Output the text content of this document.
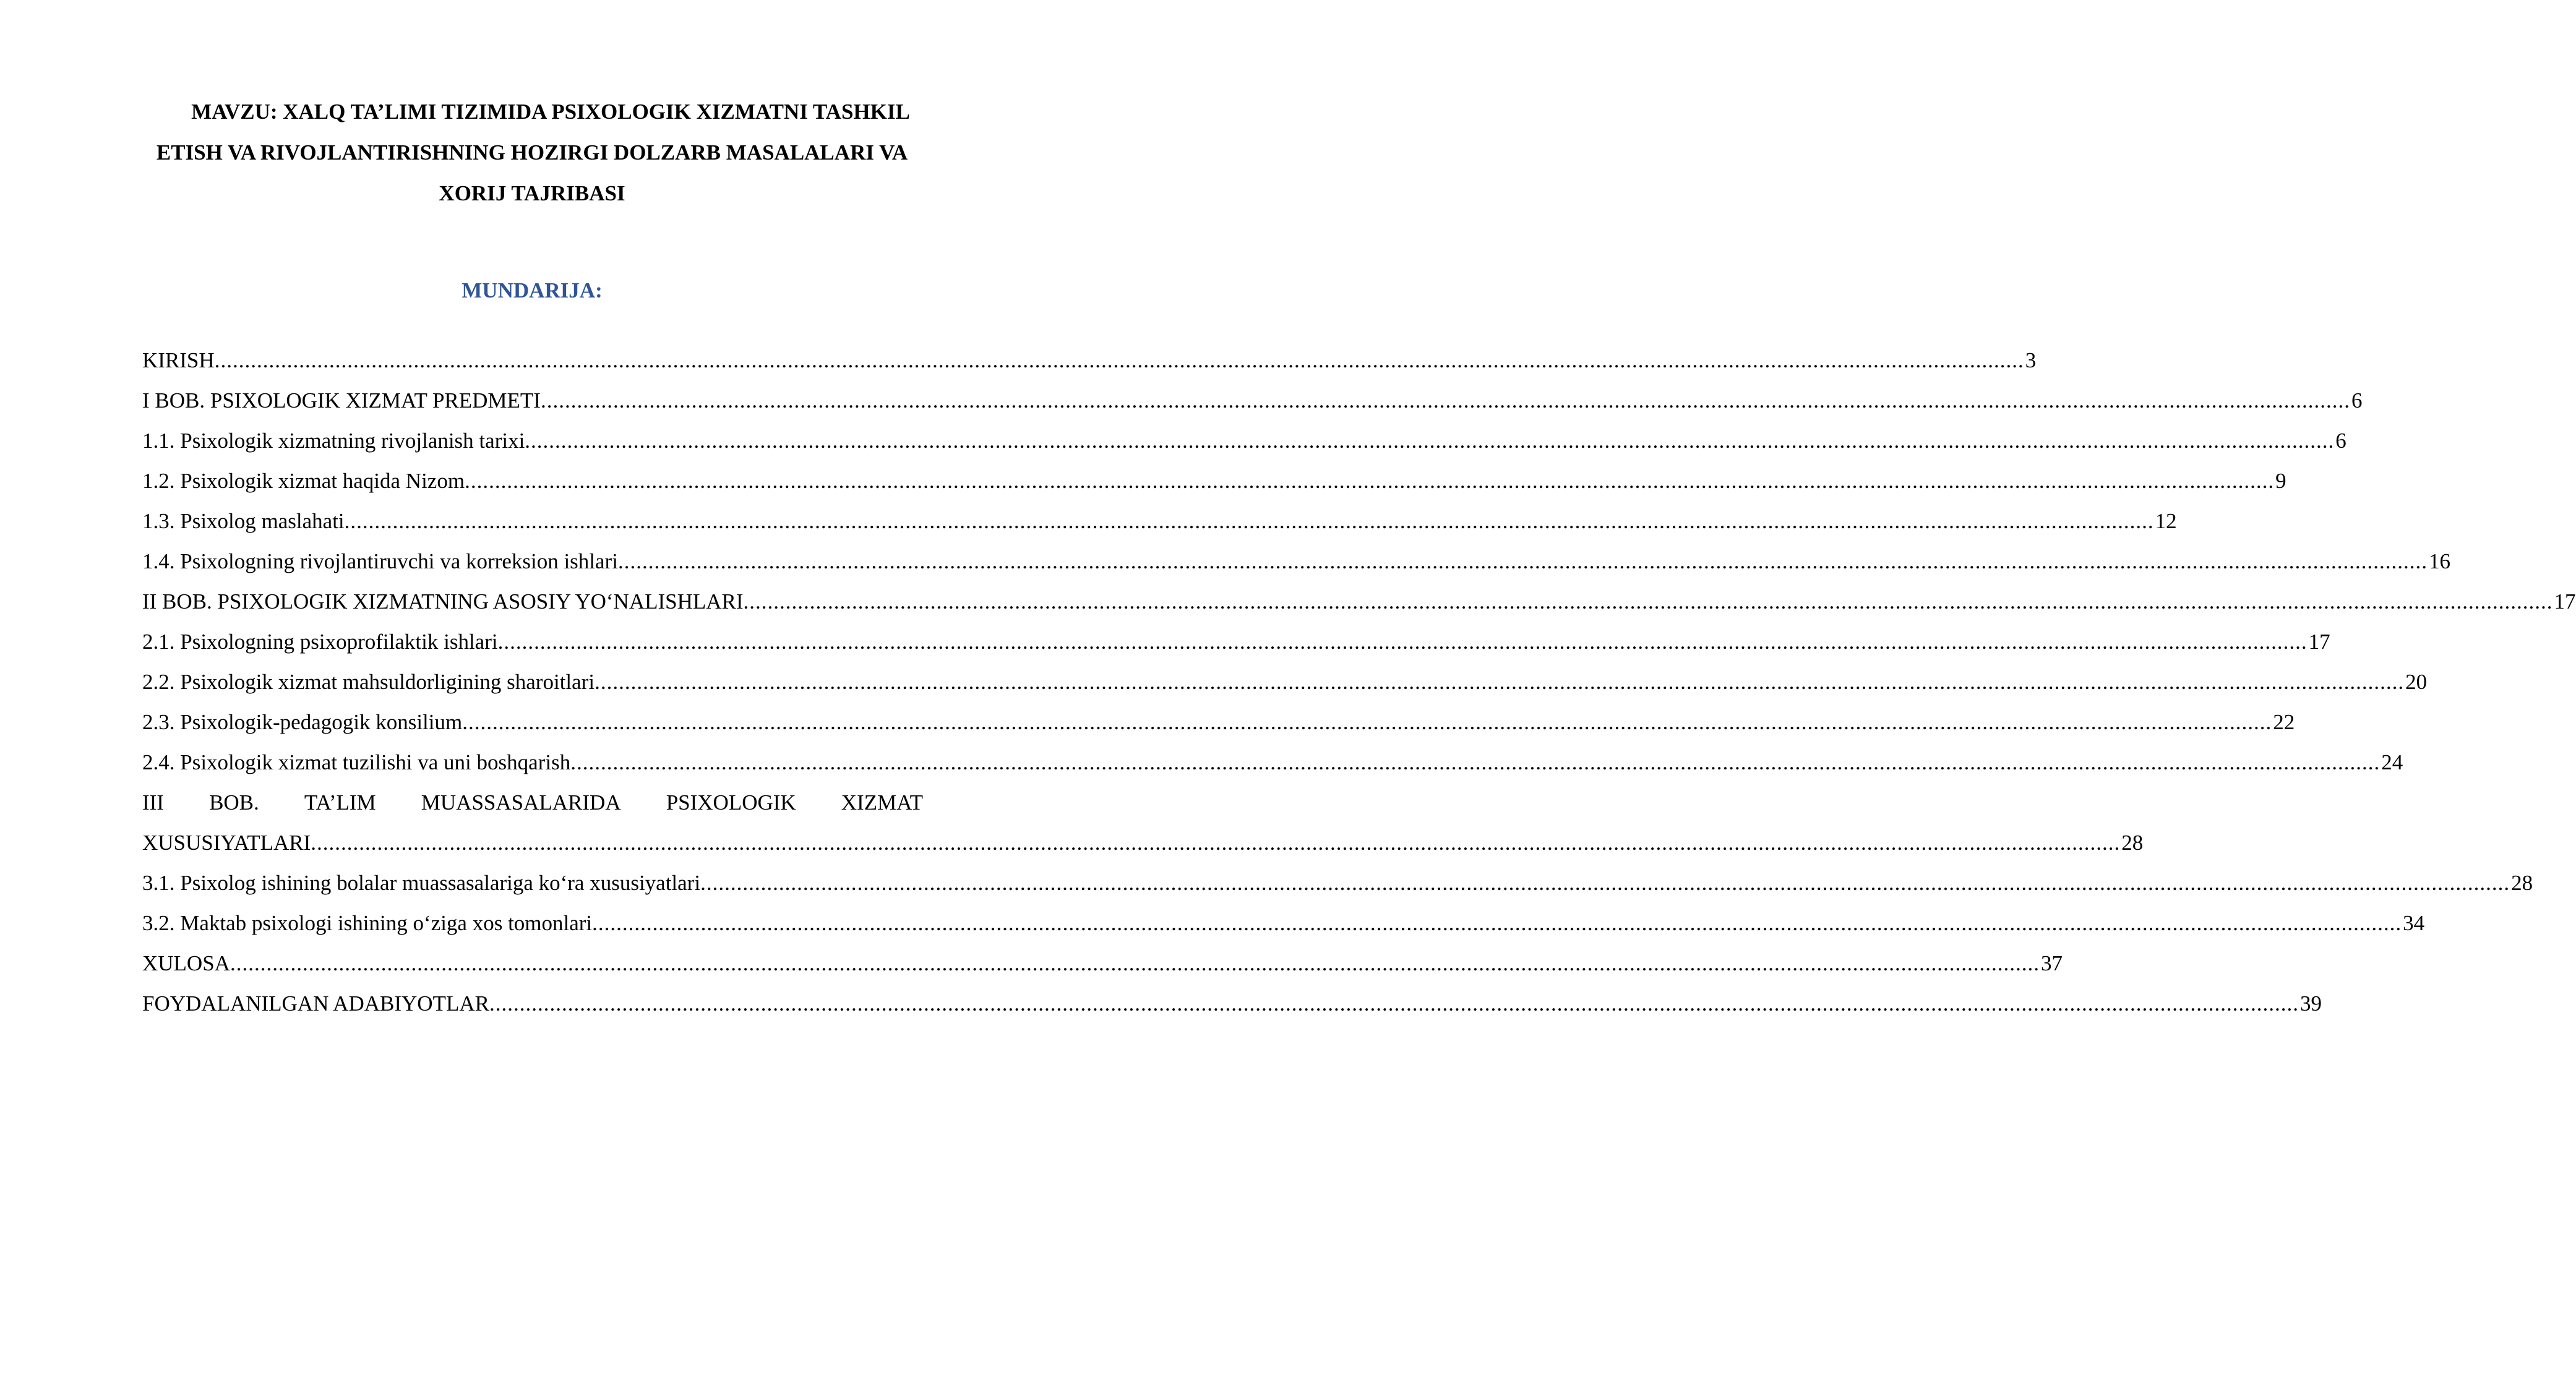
MAVZU: XALQ TA’LIMI TIZIMIDA PSIXOLOGIK XIZMATNI TASHKIL ETISH VA RIVOJLANTIRISHNING HOZIRGI DOLZARB MASALALARI VA XORIJ TAJRIBASI

MUNDARIJA:
KIRISH ............................................................................................................................................................................................................................................................................................................ 3
I BOB. PSIXOLOGIK XIZMAT PREDMETI ............................................................................................................................................................................................................................................................................................................ 6
1.1. Psixologik xizmatning rivojlanish tarixi ............................................................................................................................................................................................................................................................................................................ 6
1.2. Psixologik xizmat haqida Nizom ............................................................................................................................................................................................................................................................................................................ 9
1.3. Psixolog maslahati ............................................................................................................................................................................................................................................................................................................ 12
1.4. Psixologning rivojlantiruvchi va korreksion ishlari ............................................................................................................................................................................................................................................................................................................ 16
II BOB. PSIXOLOGIK XIZMATNING ASOSIY YO‘NALISHLARI ............................................................................................................................................................................................................................................................................................................ 17
2.1. Psixologning psixoprofilaktik ishlari ............................................................................................................................................................................................................................................................................................................ 17
2.2. Psixologik xizmat mahsuldorligining sharoitlari ............................................................................................................................................................................................................................................................................................................ 20
2.3. Psixologik-pedagogik konsilium ............................................................................................................................................................................................................................................................................................................ 22
2.4. Psixologik xizmat tuzilishi va uni boshqarish ............................................................................................................................................................................................................................................................................................................ 24
III BOB. TA’LIM MUASSASALARIDA PSIXOLOGIK XIZMAT
XUSUSIYATLARI ............................................................................................................................................................................................................................................................................................................ 28
3.1. Psixolog ishining bolalar muassasalariga ko‘ra xususiyatlari ............................................................................................................................................................................................................................................................................................................ 28
3.2. Maktab psixologi ishining o‘ziga xos tomonlari ............................................................................................................................................................................................................................................................................................................ 34
XULOSA ............................................................................................................................................................................................................................................................................................................ 37
FOYDALANILGAN ADABIYOTLAR ............................................................................................................................................................................................................................................................................................................ 39
